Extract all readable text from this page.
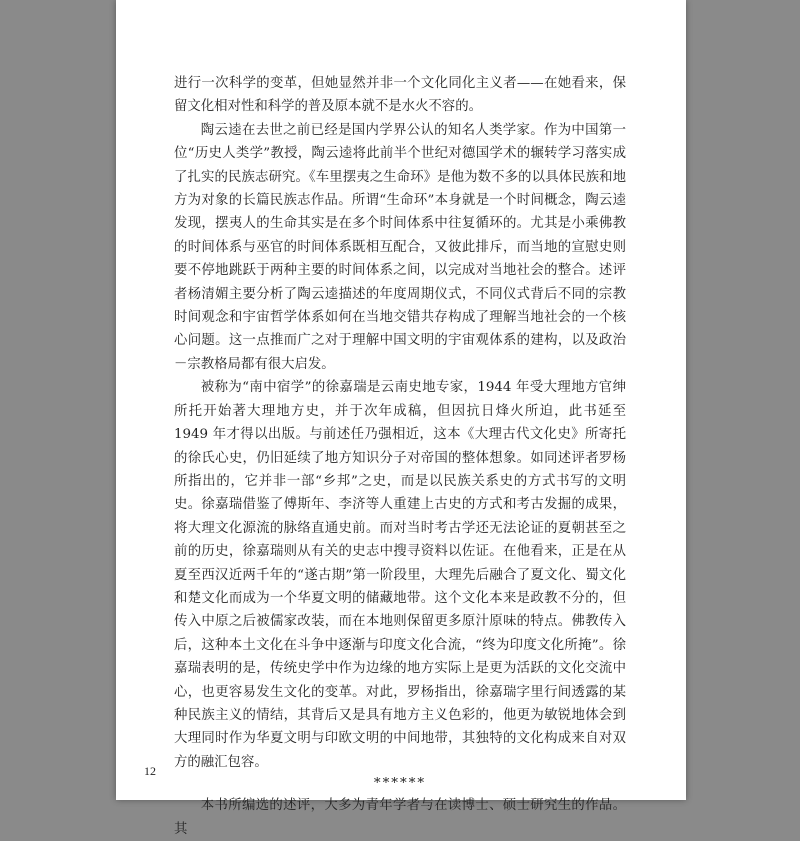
进行一次科学的变革，但她显然并非一个文化同化主义者——在她看来，保留文化相对性和科学的普及原本就不是水火不容的。

陶云逵在去世之前已经是国内学界公认的知名人类学家。作为中国第一位“历史人类学”教授，陶云逵将此前半个世纪对德国学术的辗转学习落实成了扎实的民族志研究。《车里摆夷之生命环》是他为数不多的以具体民族和地方为对象的长篇民族志作品。所谓“生命环”本身就是一个时间概念，陶云逵发现，摆夷人的生命其实是在多个时间体系中往复循环的。尤其是小乘佛教的时间体系与巫官的时间体系既相互配合，又彼此排斥，而当地的宣慰史则要不停地跳跃于两种主要的时间体系之间，以完成对当地社会的整合。述评者杨清媚主要分析了陶云逵描述的年度周期仪式，不同仪式背后不同的宗教时间观念和宇宙哲学体系如何在当地交错共存构成了理解当地社会的一个核心问题。这一点推而广之对于理解中国文明的宇宙观体系的建构，以及政治－宗教格局都有很大启发。

被称为“南中宿学”的徐嘉瑞是云南史地专家，1944 年受大理地方官绅所托开始著大理地方史，并于次年成稿，但因抗日烽火所迫，此书延至 1949 年才得以出版。与前述任乃强相近，这本《大理古代文化史》所寄托的徐氏心史，仍旧延续了地方知识分子对帝国的整体想象。如同述评者罗杨所指出的，它并非一部“乡邦”之史，而是以民族关系史的方式书写的文明史。徐嘉瑞借鉴了傅斯年、李济等人重建上古史的方式和考古发掘的成果，将大理文化源流的脉络直通史前。而对当时考古学还无法论证的夏朝甚至之前的历史，徐嘉瑞则从有关的史志中搜寻资料以佐证。在他看来，正是在从夏至西汉近两千年的“遂古期”第一阶段里，大理先后融合了夏文化、蜀文化和楚文化而成为一个华夏文明的储藏地带。这个文化本来是政教不分的，但传入中原之后被儒家改装，而在本地则保留更多原汁原味的特点。佛教传入后，这种本土文化在斗争中逐渐与印度文化合流，“终为印度文化所掩”。徐嘉瑞表明的是，传统史学中作为边缘的地方实际上是更为活跃的文化交流中心，也更容易发生文化的变革。对此，罗杨指出，徐嘉瑞字里行间透露的某种民族主义的情结，其背后又是具有地方主义色彩的，他更为敏锐地体会到大理同时作为华夏文明与印欧文明的中间地带，其独特的文化构成来自对双方的融汇包容。

******

本书所编选的述评，大多为青年学者与在读博士、硕士研究生的作品。其

12
